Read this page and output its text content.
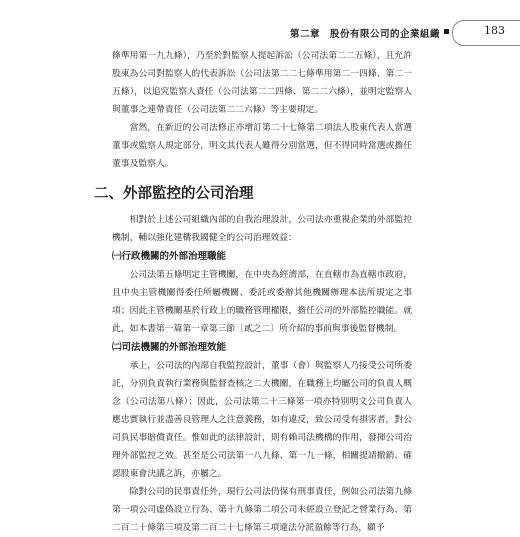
第二章　股份有限公司的企業組織	183

條準用第一九九條），乃至於對監察人提起訴訟（公司法第二二五條），且允許股東為公司對監察人的代表訴訟（公司法第二二七條準用第二一四條、第二一五條），以追究監察人責任（公司法第二二四條、第二二六條），並明定監察人與董事之連帶責任（公司法第二二六條）等主要規定。

當然，在新近的公司法修正亦增訂第二十七條第二項法人股東代表人當選董事或監察人規定部分，明文其代表人雖得分別當選，但不得同時當選或擔任董事及監察人。

二、外部監控的公司治理

相對於上述公司組織內部的自我治理設計，公司法亦重視企業的外部監控機制，輔以強化建構我國健全的公司治理效益：

㈠行政機關的外部治理職能

公司法第五條明定主管機關，在中央為經濟部，在直轄市為直轄市政府，且中央主管機關得委任所屬機關、委託或委辦其他機關辦理本法所規定之事項；因此主管機關基於行政上的職務管理權限，擔任公司的外部監控職能。就此，如本書第一篇第一章第三節〔貳之二〕所介紹的事前與事後監督機制。

㈡司法機關的外部治理效能

承上，公司法的內部自我監控設計，董事（會）與監察人乃接受公司所委託，分別負責執行業務與監督查核之二大機關，在職務上均屬公司的負責人概念（公司法第八條）；因此，公司法第二十三條第一項亦特別明文公司負責人應忠實執行並盡善良管理人之注意義務，如有違反，致公司受有損害者，對公司負民事賠償責任。惟如此的法律設計，則有賴司法機構的作用，發揮公司治理外部監控之效。甚至是公司法第一八九條、第一九一條，相關提請撤銷、確認股東會決議之訴，亦屬之。

除對公司的民事責任外，現行公司法仍保有刑事責任，例如公司法第九條第一項公司虛偽設立行為、第十九條第二項公司未經設立登記之營業行為、第二百二十條第三項及第二百二十七條第三項違法分派盈餘等行為，顯予
